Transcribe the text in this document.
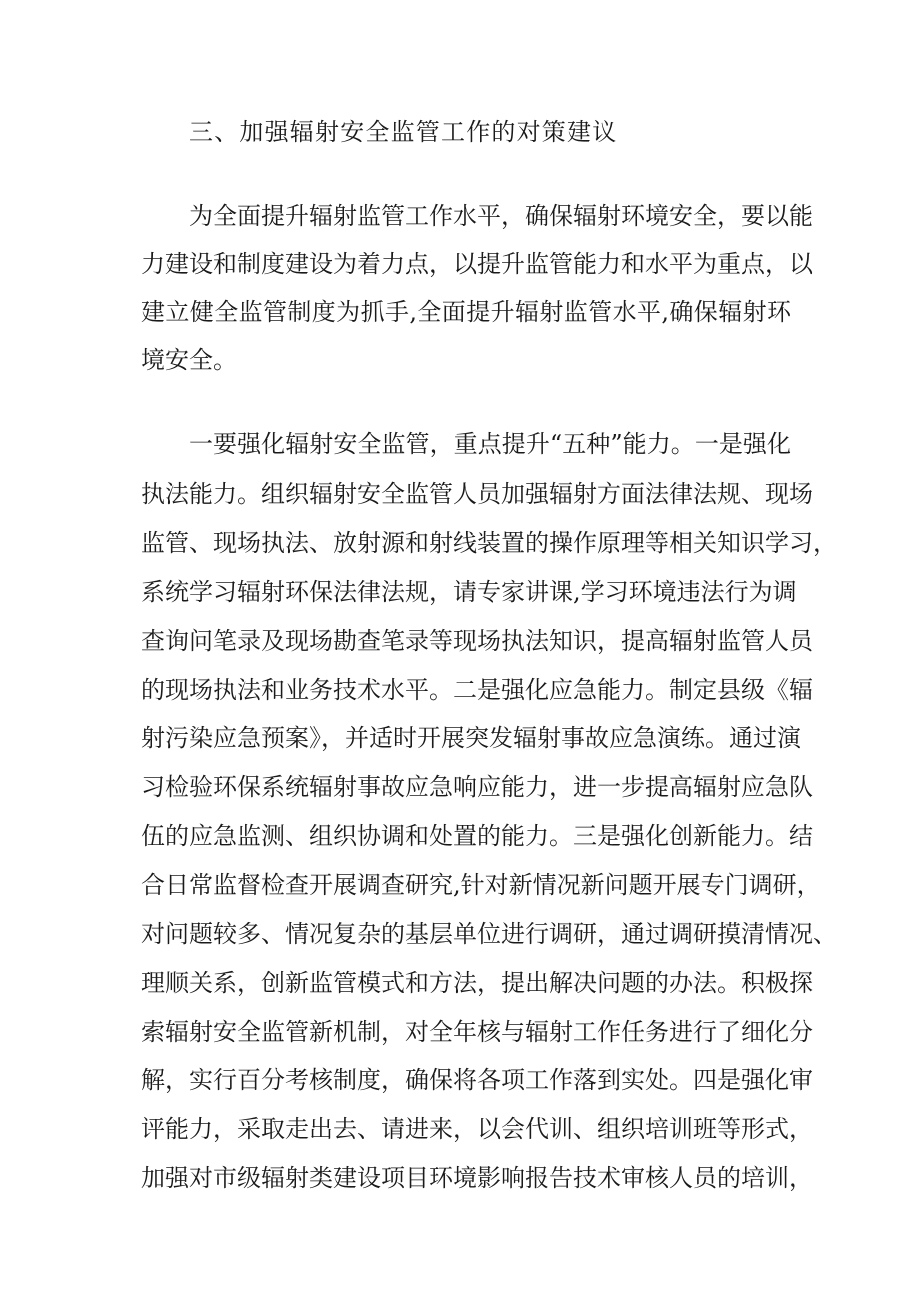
三、加强辐射安全监管工作的对策建议

为全面提升辐射监管工作水平，确保辐射环境安全，要以能

力建设和制度建设为着力点，以提升监管能力和水平为重点，以

建立健全监管制度为抓手,全面提升辐射监管水平,确保辐射环

境安全。

一要强化辐射安全监管，重点提升“五种”能力。一是强化

执法能力。组织辐射安全监管人员加强辐射方面法律法规、现场

监管、现场执法、放射源和射线装置的操作原理等相关知识学习，

系统学习辐射环保法律法规，请专家讲课,学习环境违法行为调

查询问笔录及现场勘查笔录等现场执法知识，提高辐射监管人员

的现场执法和业务技术水平。二是强化应急能力。制定县级《辐

射污染应急预案》，并适时开展突发辐射事故应急演练。通过演

习检验环保系统辐射事故应急响应能力，进一步提高辐射应急队

伍的应急监测、组织协调和处置的能力。三是强化创新能力。结

合日常监督检查开展调查研究,针对新情况新问题开展专门调研，

对问题较多、情况复杂的基层单位进行调研，通过调研摸清情况、

理顺关系，创新监管模式和方法，提出解决问题的办法。积极探

索辐射安全监管新机制，对全年核与辐射工作任务进行了细化分

解，实行百分考核制度，确保将各项工作落到实处。四是强化审

评能力，采取走出去、请进来，以会代训、组织培训班等形式，

加强对市级辐射类建设项目环境影响报告技术审核人员的培训，
